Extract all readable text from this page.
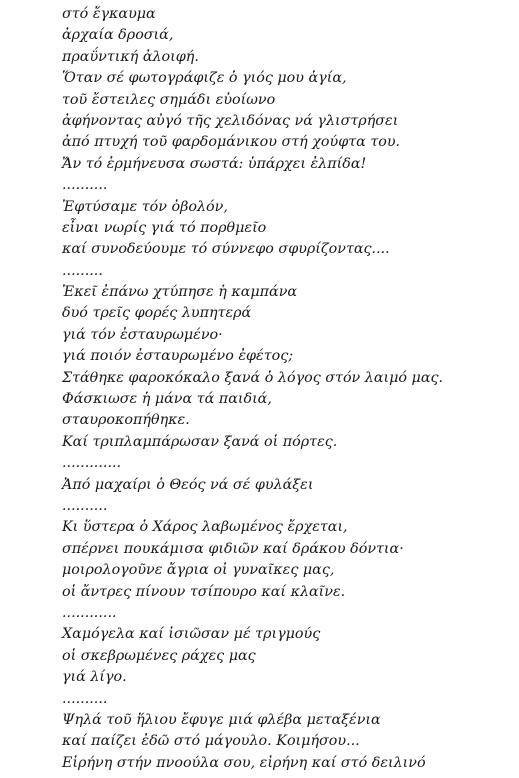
στό ἔγκαυμα
ἀρχαία δροσιά,
πραΰντική ἀλοιφή.
Ὅταν σέ φωτογράφιζε ὁ γιός μου ἁγία,
τοῦ ἔστειλες σημάδι εὐοίωνο
ἀφήνοντας αὐγό τῆς χελιδόνας νά γλιστρήσει
ἀπό πτυχή τοῦ φαρδομάνικου στή χούφτα του.
Ἄν τό ἑρμήνευσα σωστά: ὑπάρχει ἐλπίδα!
..........
Ἐφτύσαμε τόν ὀβολόν,
εἶναι νωρίς γιά τό πορθμεῖο
καί συνοδεύουμε τό σύννεφο σφυρίζοντας....
.........
Ἐκεῖ ἐπάνω χτύπησε ἡ καμπάνα
δυό τρεῖς φορές λυπητερά
γιά τόν ἐσταυρωμένο·
γιά ποιόν ἐσταυρωμένο ἐφέτος;
Στάθηκε φαροκόκαλο ξανά ὁ λόγος στόν λαιμό μας.
Φάσκιωσε ἡ μάνα τά παιδιά,
σταυροκοπήθηκε.
Καί τριπλαμπάρωσαν ξανά οἱ πόρτες.
.............
Ἀπό μαχαίρι ὁ Θεός νά σέ φυλάξει
..........
Κι ὕστερα ὁ Χάρος λαβωμένος ἔρχεται,
σπέρνει πουκάμισα φιδιῶν καί δράκου δόντια·
μοιρολογοῦνε ἄγρια οἱ γυναῖκες μας,
οἱ ἄντρες πίνουν τσίπουρο καί κλαῖνε.
............
Χαμόγελα καί ἰσιῶσαν μέ τριγμούς
οἱ σκεβρωμένες ράχες μας
γιά λίγο.
..........
Ψηλά τοῦ ἥλιου ἔφυγε μιά φλέβα μεταξένια
καί παίζει ἐδῶ στό μάγουλο. Κοιμήσου...
Εἰρήνη στήν πνοούλα σου, εἰρήνη καί στό δειλινό
